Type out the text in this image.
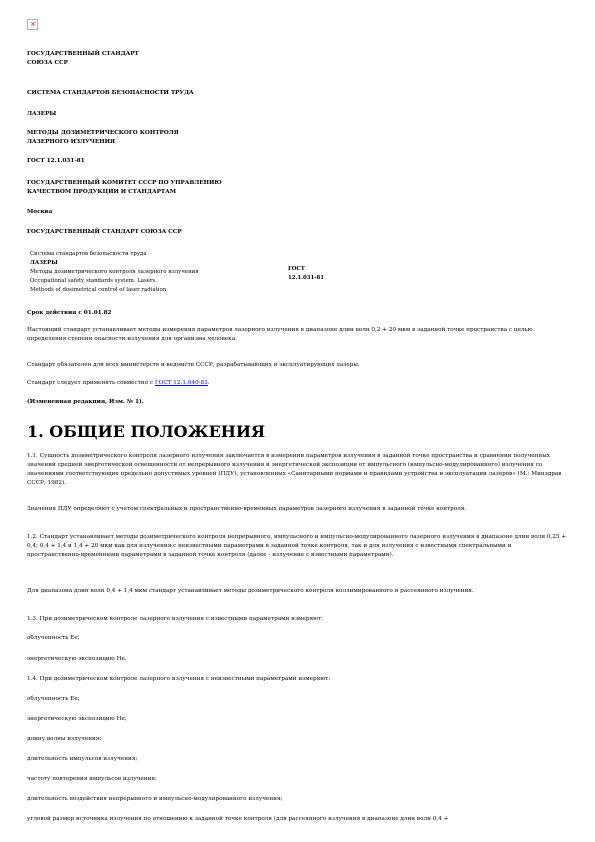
×
ГОСУДАРСТВЕННЫЙ СТАНДАРТ
СОЮЗА ССР
СИСТЕМА СТАНДАРТОВ БЕЗОПАСНОСТИ ТРУДА
ЛАЗЕРЫ
МЕТОДЫ ДОЗИМЕТРИЧЕСКОГО КОНТРОЛЯ
ЛАЗЕРНОГО ИЗЛУЧЕНИЯ
ГОСТ 12.1.031-81
ГОСУДАРСТВЕННЫЙ КОМИТЕТ СССР ПО УПРАВЛЕНИЮ
КАЧЕСТВОМ ПРОДУКЦИИ И СТАНДАРТАМ
Москва
ГОСУДАРСТВЕННЫЙ СТАНДАРТ СОЮЗА ССР
Система стандартов безопасности труда
ЛАЗЕРЫ
Методы дозиметрического контроля лазерного излучения
Occupational safety standards system. Lasers.
Methods of dosimetrical control of laser radiation
ГОСТ
12.1.031-81
Срок действия с 01.01.82
Настоящий стандарт устанавливает методы измерения параметров лазерного излучения в диапазоне длин волн 0,2 + 20 мкм в заданной точке пространства с целью определения степени опасности излучения для организма человека.
Стандарт обязателен для всех министерств и ведомств СССР, разрабатывающих и эксплуатирующих лазеры.
Стандарт следует применять совместно с ГОСТ 12.1.040-83.
(Измененная редакция, Изм. № 1).
1. ОБЩИЕ ПОЛОЖЕНИЯ
1.1. Сущность дозиметрического контроля лазерного излучения заключается в измерении параметров излучения в заданной точке пространства и сравнении полученных значений средней энергетической освещенности от непрерывного излучения и энергетической экспозиции от импульсного (импульсно-модулированного) излучения со значениями соответствующих предельно допустимых уровней (ПДУ), установленных «Санитарными нормами и правилами устройства и эксплуатации лазеров» (М.: Минздрав СССР, 1982).
Значения ПДУ определяют с учетом спектральных и пространственно-временных параметров лазерного излучения в заданной точке контроля.
1.2. Стандарт устанавливает методы дозиметрического контроля непрерывного, импульсного и импульсно-модулированного лазерного излучения в диапазоне длин волн 0,25 + 0,4; 0,4 + 1,4 и 1,4 + 20 мкм как для излучения с неизвестными параметрами в заданной точке контроля, так и для излучения с известными спектральными и пространственно-временными параметрами в заданной точке контроля (далее - излучение с известными параметрами).
Для диапазона длин волн 0,4 + 1,4 мкм стандарт устанавливает методы дозиметрического контроля коллимированного и рассеянного излучения.
1.3. При дозиметрическом контроле лазерного излучения с известными параметрами измеряют:
облученность Ee;
энергетическую экспозицию He.
1.4. При дозиметрическом контроле лазерного излучения с неизвестными параметрами измеряют:
облученность Ee;
энергетическую экспозицию He;
длину волны излучения;
длительность импульсов излучения;
частоту повторения импульсов излучения;
длительность воздействия непрерывного и импульсно-модулированного излучения;
угловой размер источника излучения по отношению к заданной точке контроля (для рассеянного излучения в диапазоне длин волн 0,4 +
